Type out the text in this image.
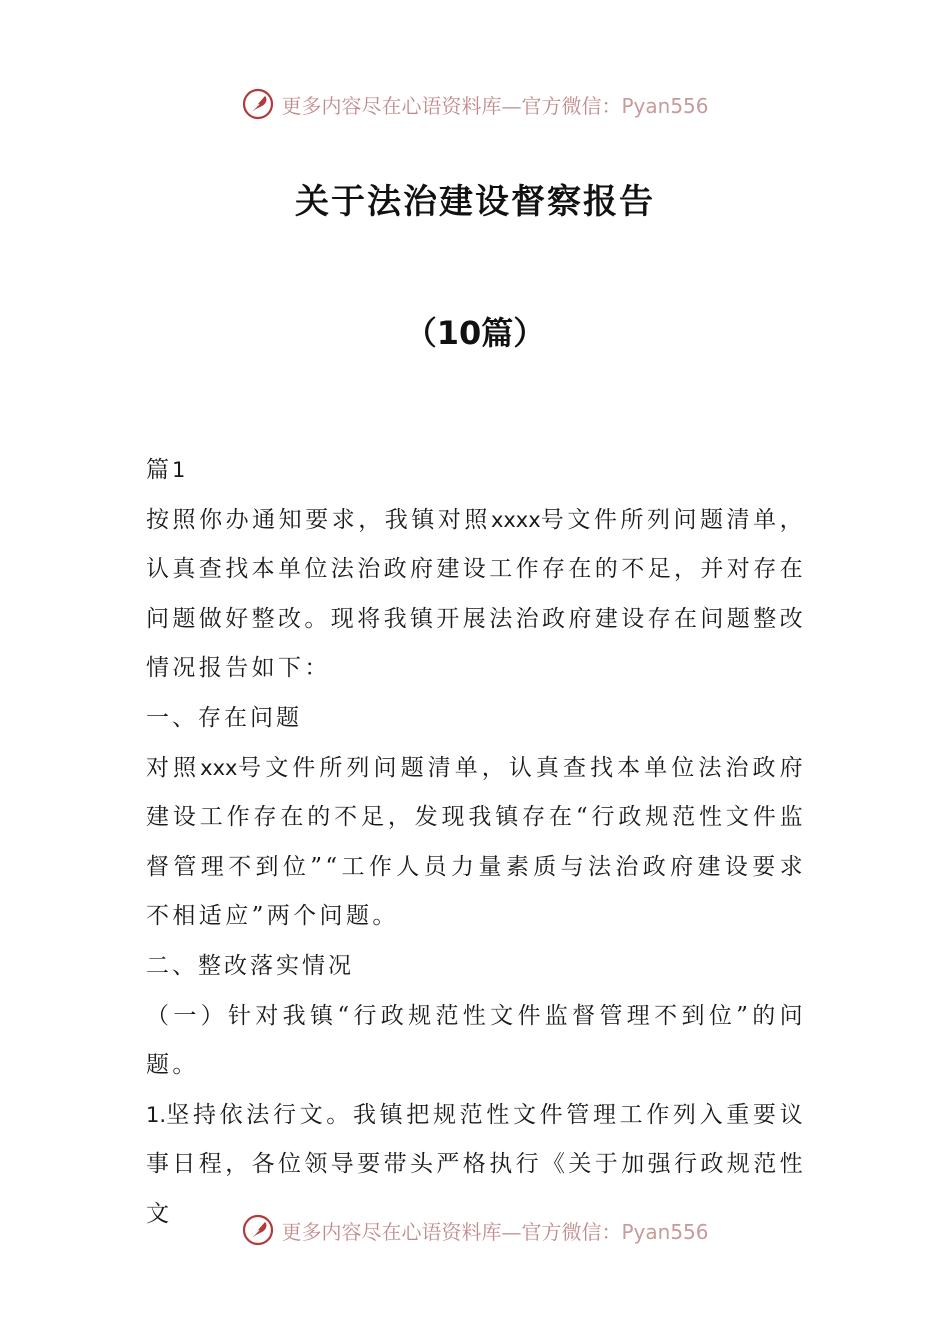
更多内容尽在心语资料库—官方微信：Pyan556
关于法治建设督察报告
（10篇）

篇1

按照你办通知要求，我镇对照xxxx号文件所列问题清单，认真查找本单位法治政府建设工作存在的不足，并对存在问题做好整改。现将我镇开展法治政府建设存在问题整改情况报告如下：

一、存在问题

对照xxx号文件所列问题清单，认真查找本单位法治政府建设工作存在的不足，发现我镇存在“行政规范性文件监督管理不到位”“工作人员力量素质与法治政府建设要求不相适应”两个问题。

二、整改落实情况

（一）针对我镇“行政规范性文件监督管理不到位”的问题。

1.坚持依法行文。我镇把规范性文件管理工作列入重要议事日程，各位领导要带头严格执行《关于加强行政规范性文

更多内容尽在心语资料库—官方微信：Pyan556
